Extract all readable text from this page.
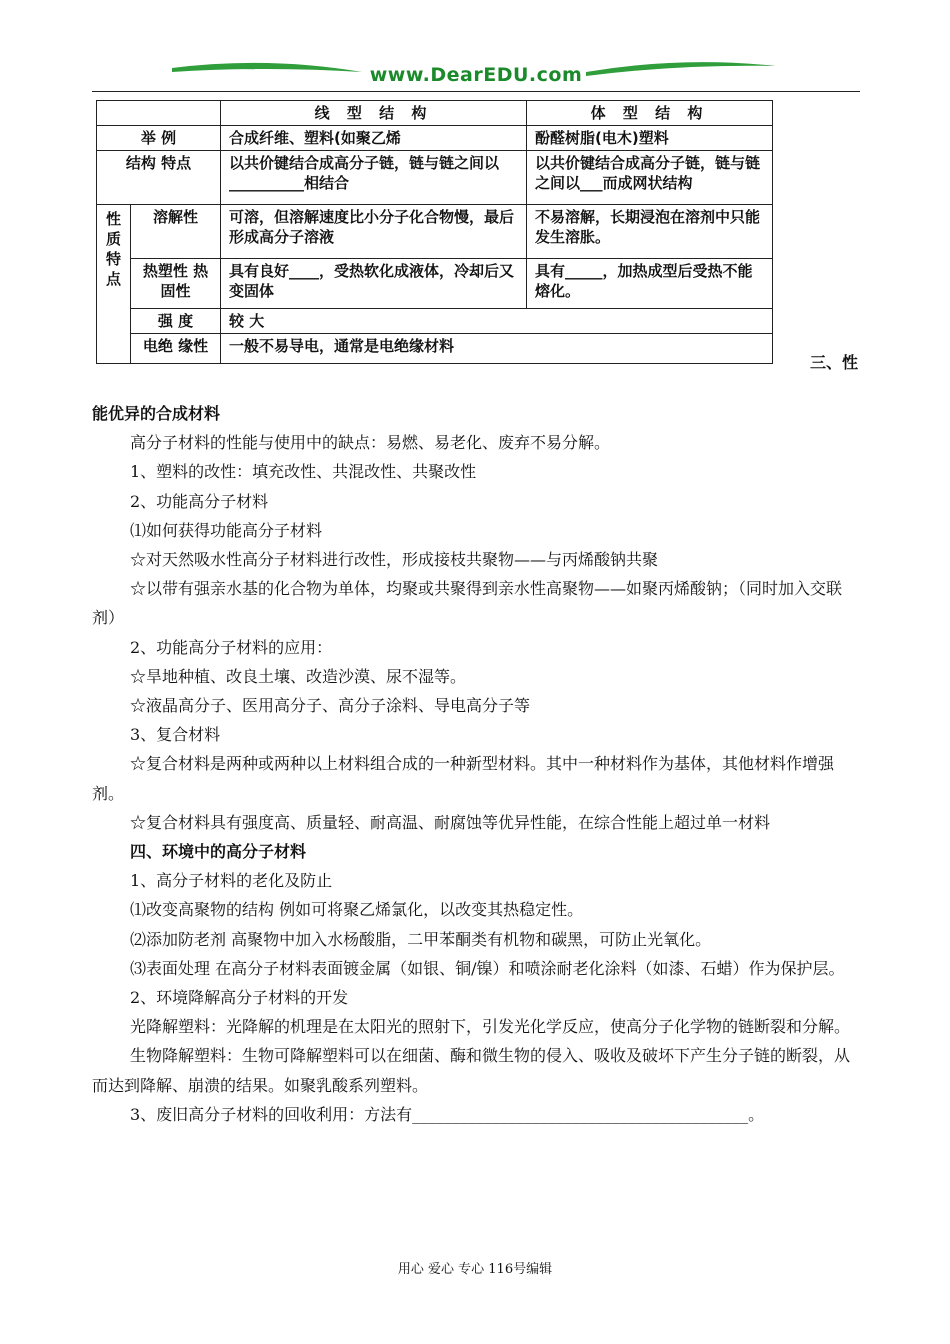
www.DearEDU.com
		线 型 结 构	体 型 结 构
举 例		合成纤维、塑料(如聚乙烯	酚醛树脂(电木)塑料
结构 特点		以共价键结合成高分子链，链与链之间以__________相结合	以共价键结合成高分子链，链与链之间以___而成网状结构
性质特点	溶解性	可溶，但溶解速度比小分子化合物慢，最后形成高分子溶液	不易溶解，长期浸泡在溶剂中只能发生溶胀。
	热塑性 热固性	具有良好____，受热软化成液体，冷却后又变固体	具有_____，加热成型后受热不能熔化。
	强 度	较 大	
	电绝 缘性	一般不易导电，通常是电绝缘材料	
三、性

能优异的合成材料

高分子材料的性能与使用中的缺点：易燃、易老化、废弃不易分解。

1、塑料的改性：填充改性、共混改性、共聚改性

2、功能高分子材料

⑴如何获得功能高分子材料

☆对天然吸水性高分子材料进行改性，形成接枝共聚物——与丙烯酸钠共聚

☆以带有强亲水基的化合物为单体，均聚或共聚得到亲水性高聚物——如聚丙烯酸钠；（同时加入交联剂）

2、功能高分子材料的应用：

☆旱地种植、改良土壤、改造沙漠、尿不湿等。

☆液晶高分子、医用高分子、高分子涂料、导电高分子等

3、复合材料

☆复合材料是两种或两种以上材料组合成的一种新型材料。其中一种材料作为基体，其他材料作增强剂。

☆复合材料具有强度高、质量轻、耐高温、耐腐蚀等优异性能，在综合性能上超过单一材料

四、环境中的高分子材料

1、高分子材料的老化及防止

⑴改变高聚物的结构 例如可将聚乙烯氯化，以改变其热稳定性。

⑵添加防老剂 高聚物中加入水杨酸脂，二甲苯酮类有机物和碳黑，可防止光氧化。

⑶表面处理 在高分子材料表面镀金属（如银、铜/镍）和喷涂耐老化涂料（如漆、石蜡）作为保护层。

2、环境降解高分子材料的开发

光降解塑料：光降解的机理是在太阳光的照射下，引发光化学反应，使高分子化学物的链断裂和分解。

生物降解塑料：生物可降解塑料可以在细菌、酶和微生物的侵入、吸收及破坏下产生分子链的断裂，从而达到降解、崩溃的结果。如聚乳酸系列塑料。

3、废旧高分子材料的回收利用：方法有__________________________________________。

用心 爱心 专心 116号编辑
